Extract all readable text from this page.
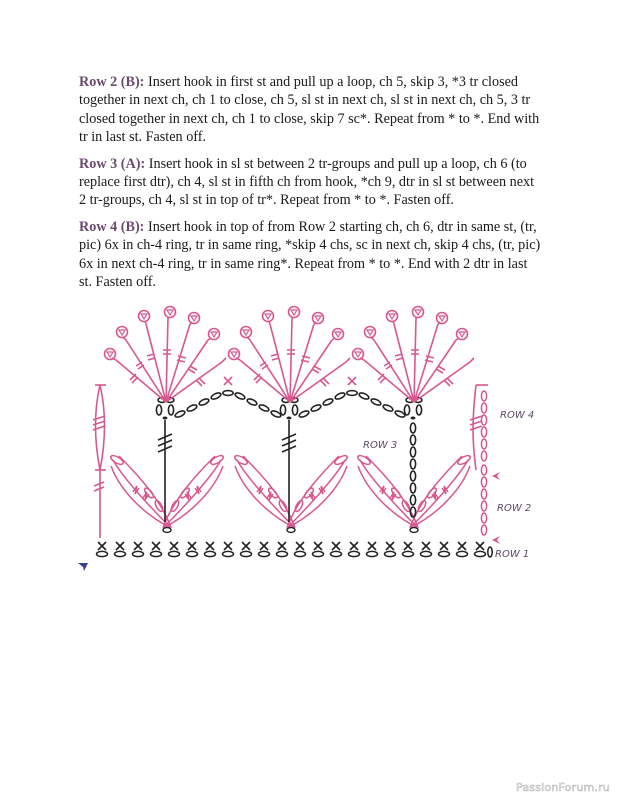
Row 2 (B): Insert hook in first st and pull up a loop, ch 5, skip 3, *3 tr closed together in next ch, ch 1 to close, ch 5, sl st in next ch, sl st in next ch, ch 5, 3 tr closed together in next ch, ch 1 to close, skip 7 sc*. Repeat from * to *. End with tr in last st. Fasten off.

Row 3 (A): Insert hook in sl st between 2 tr-groups and pull up a loop, ch 6 (to replace first dtr), ch 4, sl st in fifth ch from hook, *ch 9, dtr in sl st between next 2 tr-groups, ch 4, sl st in top of tr*. Repeat from * to *. Fasten off.

Row 4 (B): Insert hook in top of from Row 2 starting ch, ch 6, dtr in same st, (tr, pic) 6x in ch-4 ring, tr in same ring, *skip 4 chs, sc in next ch, skip 4 chs, (tr, pic) 6x in next ch-4 ring, tr in same ring*. Repeat from * to *. End with 2 dtr in last st. Fasten off.

ROW 4
ROW 3
ROW 2
ROW 1
PassionForum.ru
